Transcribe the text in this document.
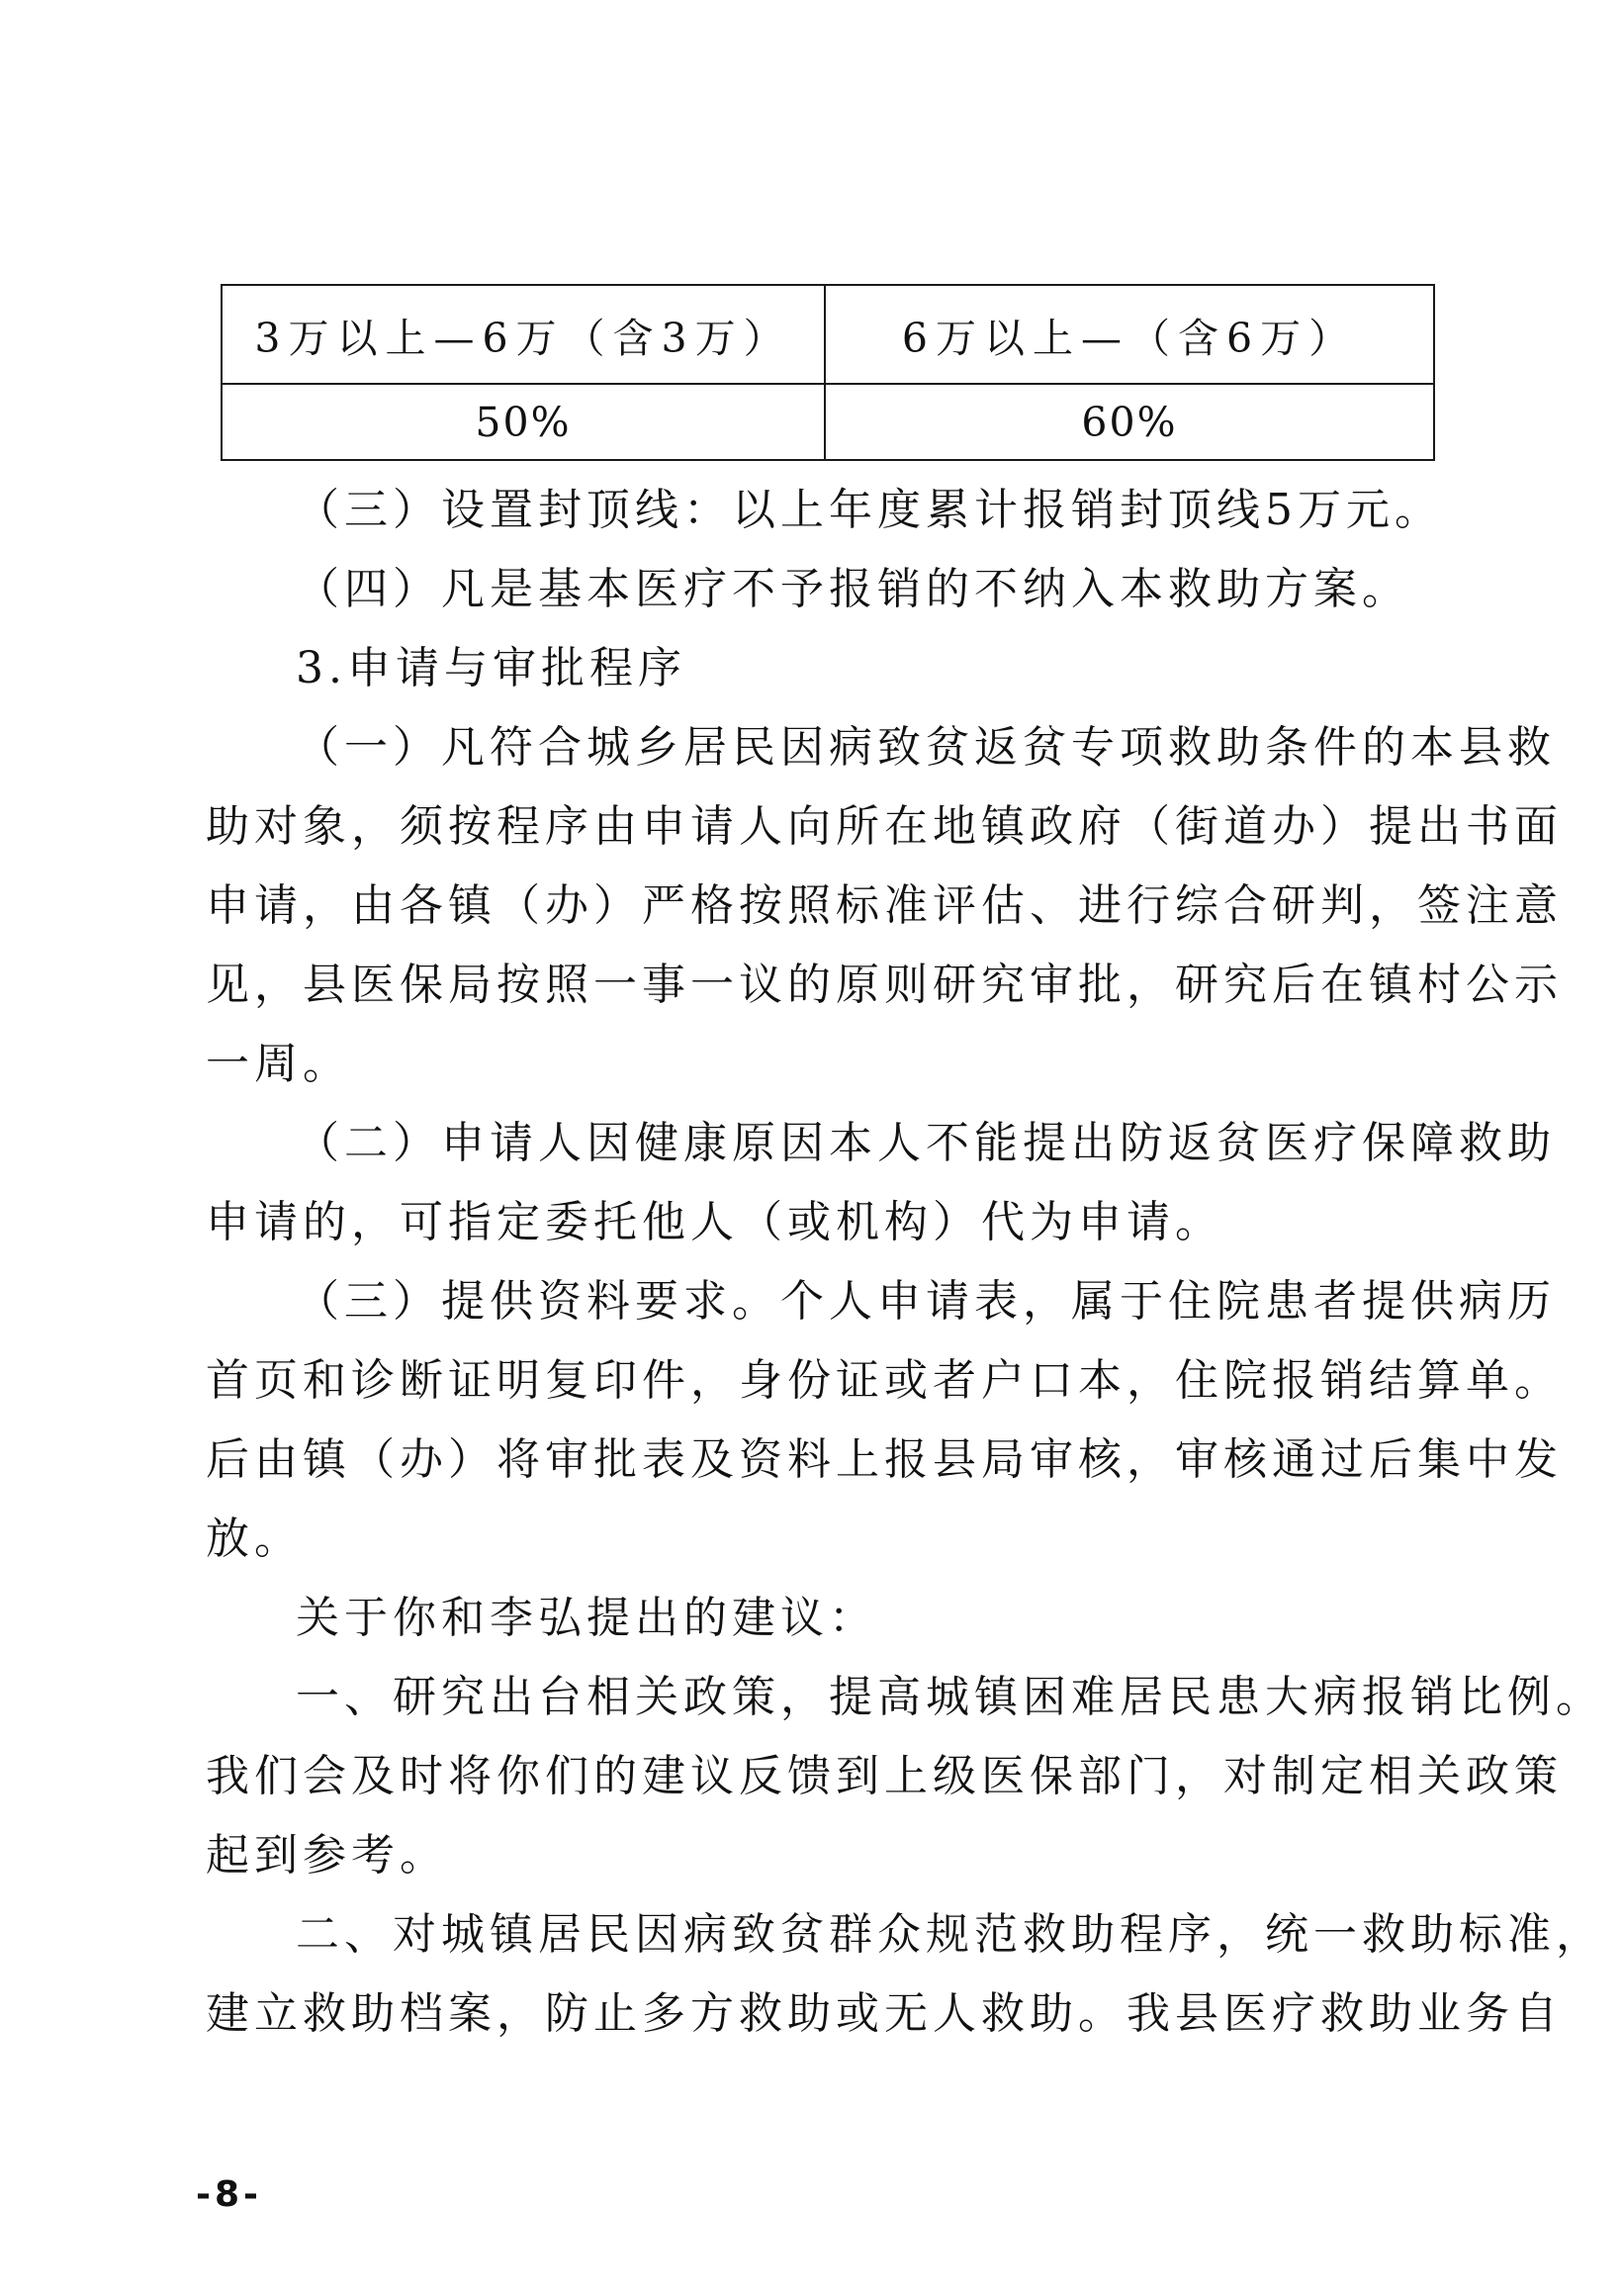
3万以上—6万（含3万）	6万以上—（含6万）
50%	60%
（三）设置封顶线：以上年度累计报销封顶线5万元。
（四）凡是基本医疗不予报销的不纳入本救助方案。
3.申请与审批程序
（一）凡符合城乡居民因病致贫返贫专项救助条件的本县救
助对象，须按程序由申请人向所在地镇政府（街道办）提出书面
申请，由各镇（办）严格按照标准评估、进行综合研判，签注意
见，县医保局按照一事一议的原则研究审批，研究后在镇村公示
一周。
（二）申请人因健康原因本人不能提出防返贫医疗保障救助
申请的，可指定委托他人（或机构）代为申请。
（三）提供资料要求。个人申请表，属于住院患者提供病历
首页和诊断证明复印件，身份证或者户口本，住院报销结算单。
后由镇（办）将审批表及资料上报县局审核，审核通过后集中发
放。
关于你和李弘提出的建议：
一、研究出台相关政策，提高城镇困难居民患大病报销比例。
我们会及时将你们的建议反馈到上级医保部门，对制定相关政策
起到参考。
二、对城镇居民因病致贫群众规范救助程序，统一救助标准，
建立救助档案，防止多方救助或无人救助。我县医疗救助业务自
-8-
